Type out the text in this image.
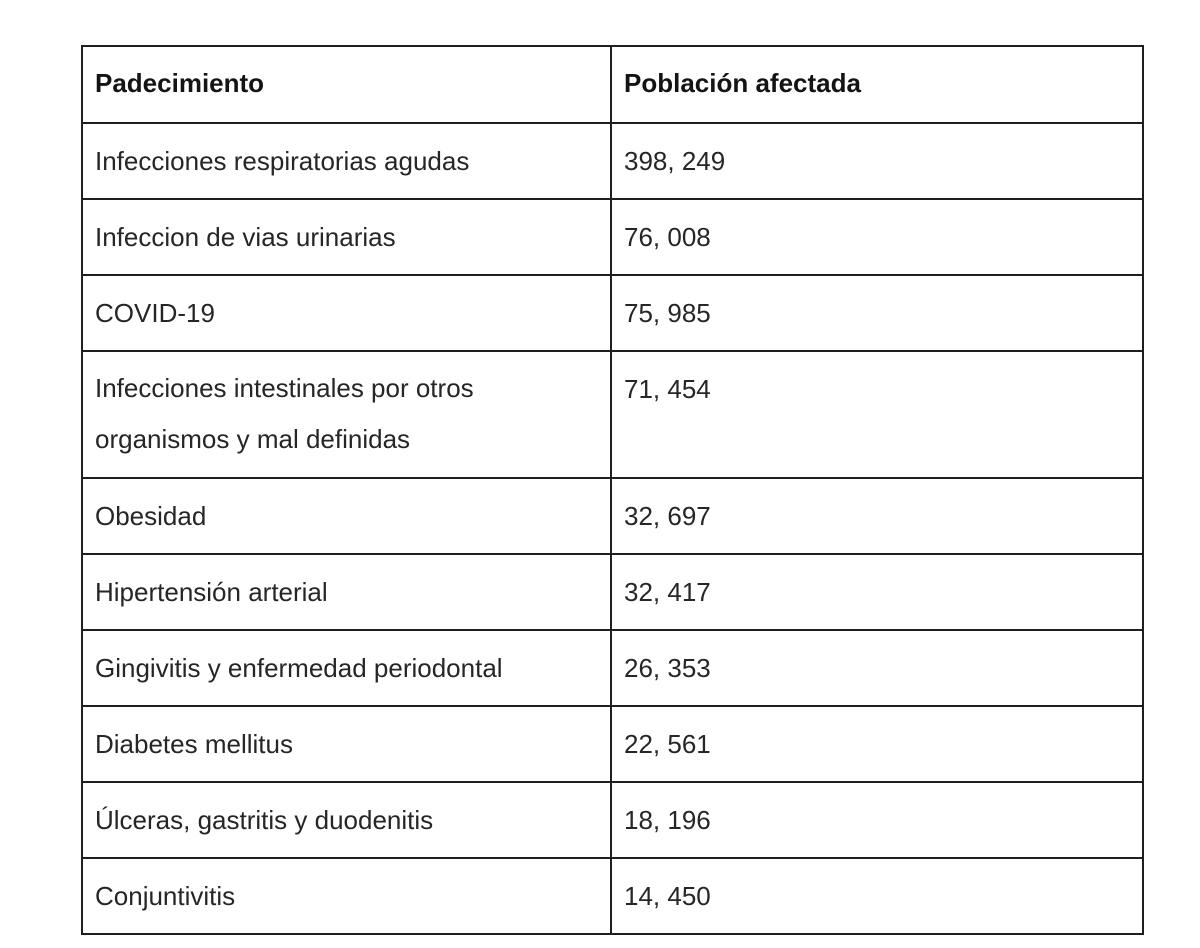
Padecimiento	Población afectada
Infecciones respiratorias agudas	398, 249
Infeccion de vias urinarias	76, 008
COVID-19	75, 985
Infecciones intestinales por otros organismos y mal definidas	71, 454
Obesidad	32, 697
Hipertensión arterial	32, 417
Gingivitis y enfermedad periodontal	26, 353
Diabetes mellitus	22, 561
Úlceras, gastritis y duodenitis	18, 196
Conjuntivitis	14, 450
